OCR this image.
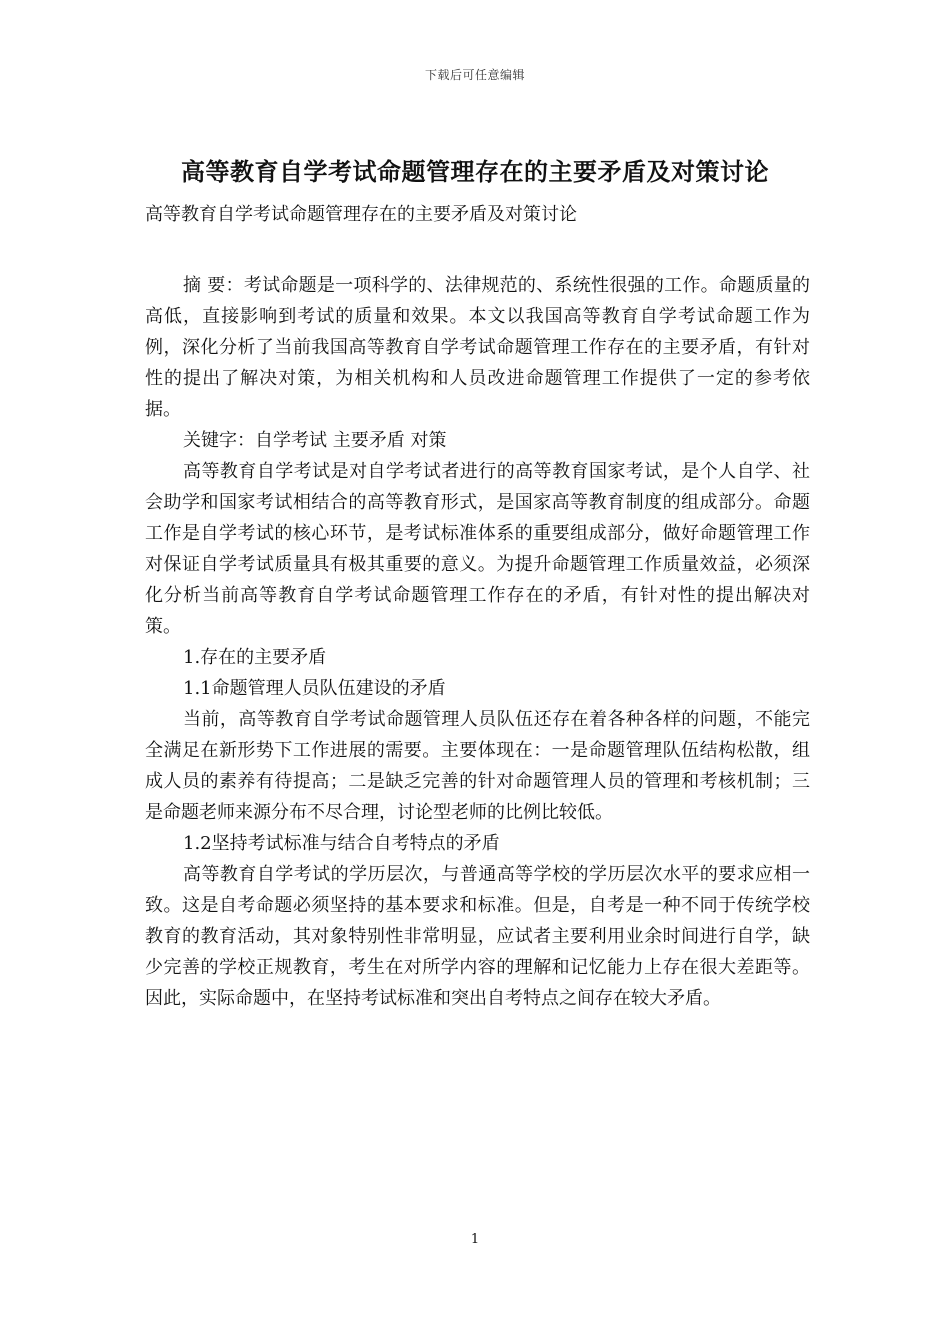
下载后可任意编辑
高等教育自学考试命题管理存在的主要矛盾及对策讨论
高等教育自学考试命题管理存在的主要矛盾及对策讨论

摘 要：考试命题是一项科学的、法律规范的、系统性很强的工作。命题质量的高低，直接影响到考试的质量和效果。本文以我国高等教育自学考试命题工作为例，深化分析了当前我国高等教育自学考试命题管理工作存在的主要矛盾，有针对性的提出了解决对策，为相关机构和人员改进命题管理工作提供了一定的参考依据。

关键字：自学考试 主要矛盾 对策

高等教育自学考试是对自学考试者进行的高等教育国家考试，是个人自学、社会助学和国家考试相结合的高等教育形式，是国家高等教育制度的组成部分。命题工作是自学考试的核心环节，是考试标准体系的重要组成部分，做好命题管理工作对保证自学考试质量具有极其重要的意义。为提升命题管理工作质量效益，必须深化分析当前高等教育自学考试命题管理工作存在的矛盾，有针对性的提出解决对策。

1.存在的主要矛盾

1.1命题管理人员队伍建设的矛盾

当前，高等教育自学考试命题管理人员队伍还存在着各种各样的问题，不能完全满足在新形势下工作进展的需要。主要体现在：一是命题管理队伍结构松散，组成人员的素养有待提高；二是缺乏完善的针对命题管理人员的管理和考核机制；三是命题老师来源分布不尽合理，讨论型老师的比例比较低。

1.2坚持考试标准与结合自考特点的矛盾

高等教育自学考试的学历层次，与普通高等学校的学历层次水平的要求应相一致。这是自考命题必须坚持的基本要求和标准。但是，自考是一种不同于传统学校教育的教育活动，其对象特别性非常明显，应试者主要利用业余时间进行自学，缺少完善的学校正规教育，考生在对所学内容的理解和记忆能力上存在很大差距等。因此，实际命题中，在坚持考试标准和突出自考特点之间存在较大矛盾。

1
